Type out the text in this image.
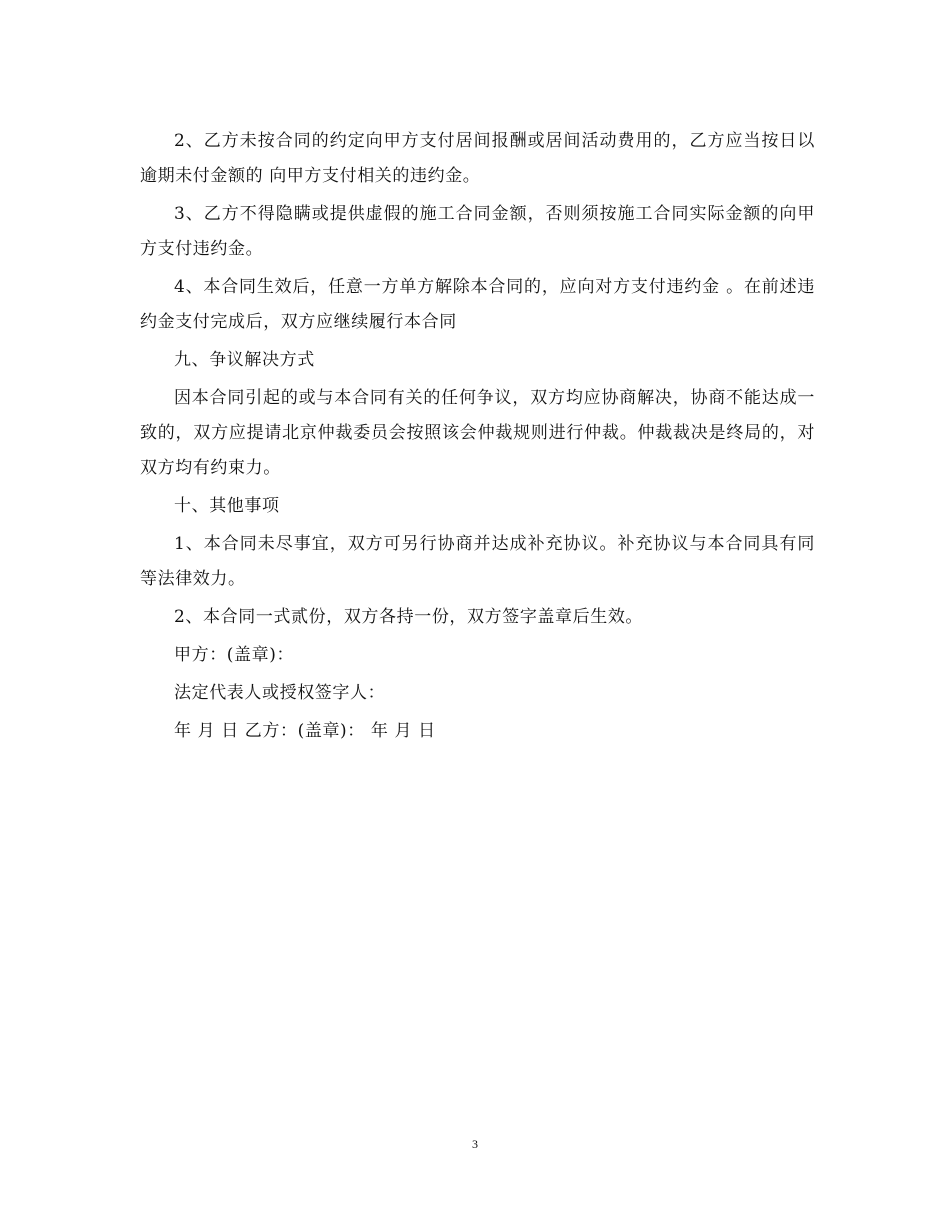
2、乙方未按合同的约定向甲方支付居间报酬或居间活动费用的，乙方应当按日以逾期未付金额的 向甲方支付相关的违约金。

3、乙方不得隐瞒或提供虚假的施工合同金额，否则须按施工合同实际金额的向甲方支付违约金。

4、本合同生效后，任意一方单方解除本合同的，应向对方支付违约金 。在前述违约金支付完成后，双方应继续履行本合同

九、争议解决方式

因本合同引起的或与本合同有关的任何争议，双方均应协商解决，协商不能达成一致的，双方应提请北京仲裁委员会按照该会仲裁规则进行仲裁。仲裁裁决是终局的，对双方均有约束力。

十、其他事项

1、本合同未尽事宜，双方可另行协商并达成补充协议。补充协议与本合同具有同等法律效力。

2、本合同一式贰份，双方各持一份，双方签字盖章后生效。

甲方：(盖章)：

法定代表人或授权签字人：

年 月 日 乙方：(盖章)： 年 月 日

3
